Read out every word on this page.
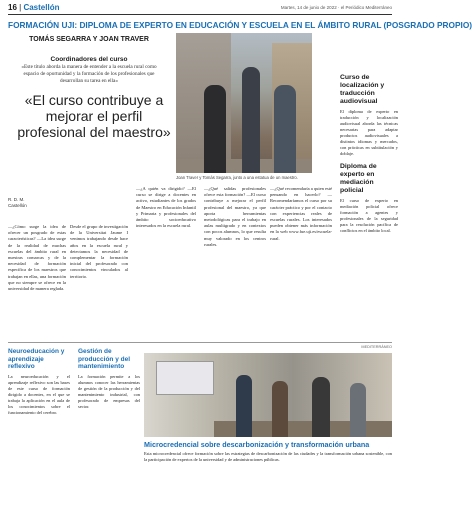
16 | Castellón	Martes, 14 de junio de 2022 · el Periódico Mediterráneo
FORMACIÓN UJI: DIPLOMA DE EXPERTO EN EDUCACIÓN Y ESCUELA EN EL ÁMBITO RURAL (POSGRADO PROPIO)
TOMÁS SEGARRA Y JOAN TRAVER
Coordinadores del curso
«Este título aborda la manera de entender a la escuela rural como espacio de oportunidad y la formación de los profesionales que desarrollan su tarea en ella»
«El curso contribuye a mejorar el perfil profesional del maestro»
Joan Traver y Tomás Segarra, junto a una estatua de un maestro.
R. D. M.
Castellón
—¿Cómo surge la idea de ofrecer un posgrado de estas características? —La idea surge de la realidad de muchas escuelas del ámbito rural en nuestras comarcas y de la necesidad de formación específica de los maestros que trabajan en ellas, una formación que no siempre se ofrece en la universidad de manera reglada.
Desde el grupo de investigación de la Universitat Jaume I venimos trabajando desde hace años en la escuela rural y detectamos la necesidad de complementar la formación inicial del profesorado con conocimientos vinculados al territorio.
—¿A quién va dirigido? —El curso se dirige a docentes en activo, estudiantes de los grados de Maestro en Educación Infantil y Primaria y profesionales del ámbito socioeducativo interesados en la escuela rural.
—¿Qué salidas profesionales ofrece esta formación? —El curso contribuye a mejorar el perfil profesional del maestro, ya que aporta herramientas metodológicas para el trabajo en aulas multigrado y en contextos con pocos alumnos, lo que resulta muy valorado en los centros rurales.
—¿Qué recomendaría a quien esté pensando en hacerlo? —Recomendaríamos el curso por su carácter práctico y por el contacto con experiencias reales de escuelas rurales. Los interesados pueden obtener más información en la web www.fue.uji.es/escuela-rural.
Curso de localización y traducción audiovisual
El diploma de experto en traducción y localización audiovisual aborda las técnicas necesarias para adaptar productos audiovisuales a distintos idiomas y mercados, con prácticas en subtitulación y doblaje.
Diploma de experto en mediación policial
El curso de experto en mediación policial ofrece formación a agentes y profesionales de la seguridad para la resolución pacífica de conflictos en el ámbito local.
Neuroeducación y aprendizaje reflexivo
La neuroeducación y el aprendizaje reflexivo son las bases de este curso de formación dirigido a docentes, en el que se trabaja la aplicación en el aula de los conocimientos sobre el funcionamiento del cerebro.
Gestión de producción y del mantenimiento
La formación permite a los alumnos conocer las herramientas de gestión de la producción y del mantenimiento industrial, con profesorado de empresas del sector.
MEDITERRÁNEO
Microcredencial sobre descarbonización y transformación urbana
Esta microcredencial ofrece formación sobre las estrategias de descarbonización de las ciudades y la transformación urbana sostenible, con la participación de expertos de la universidad y de administraciones públicas.
